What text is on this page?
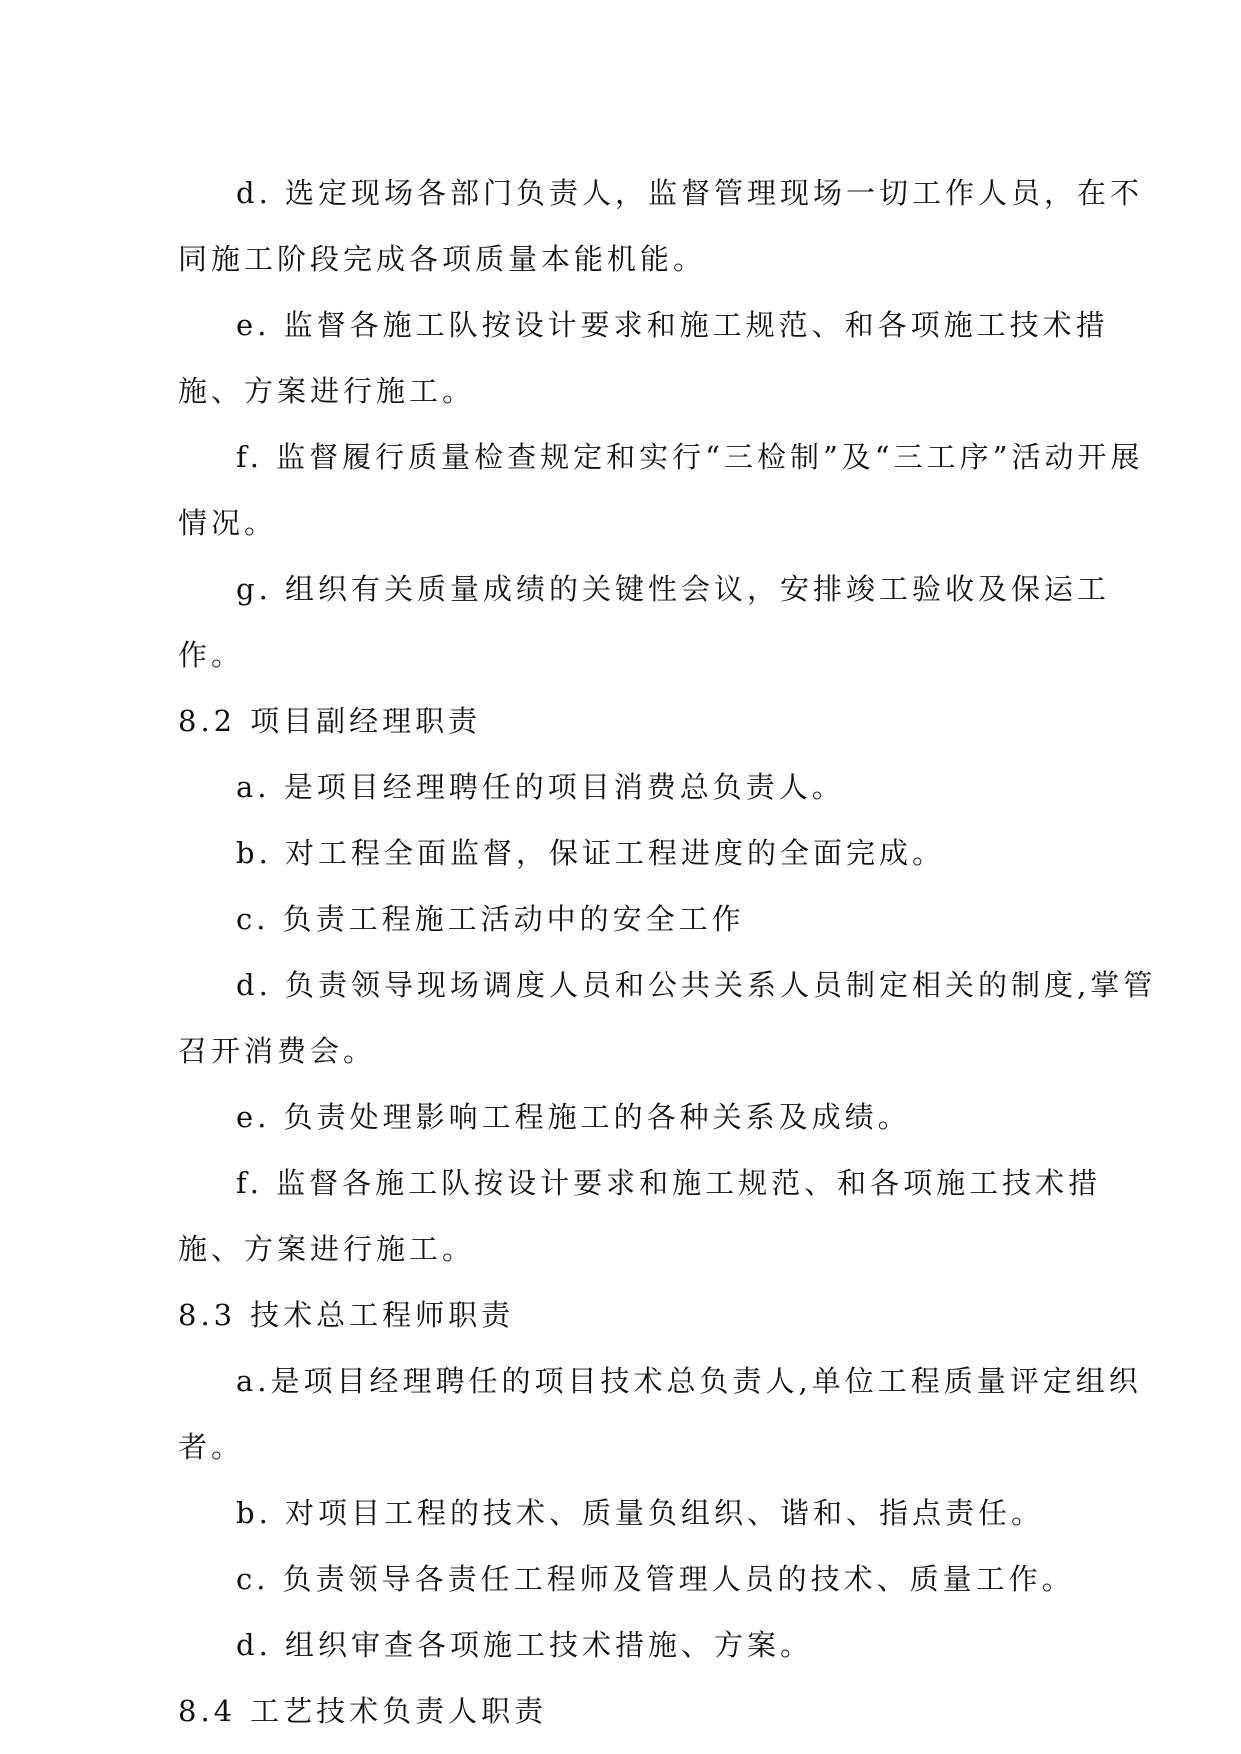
d. 选定现场各部门负责人，监督管理现场一切工作人员，在不同施工阶段完成各项质量本能机能。

e. 监督各施工队按设计要求和施工规范、和各项施工技术措施、方案进行施工。

f. 监督履行质量检查规定和实行“三检制”及“三工序”活动开展情况。

g. 组织有关质量成绩的关键性会议，安排竣工验收及保运工作。

8.2 项目副经理职责

a. 是项目经理聘任的项目消费总负责人。

b. 对工程全面监督，保证工程进度的全面完成。

c. 负责工程施工活动中的安全工作

d. 负责领导现场调度人员和公共关系人员制定相关的制度,掌管召开消费会。

e. 负责处理影响工程施工的各种关系及成绩。

f. 监督各施工队按设计要求和施工规范、和各项施工技术措施、方案进行施工。

8.3 技术总工程师职责

a.是项目经理聘任的项目技术总负责人,单位工程质量评定组织者。

b. 对项目工程的技术、质量负组织、谐和、指点责任。

c. 负责领导各责任工程师及管理人员的技术、质量工作。

d. 组织审查各项施工技术措施、方案。

8.4 工艺技术负责人职责
